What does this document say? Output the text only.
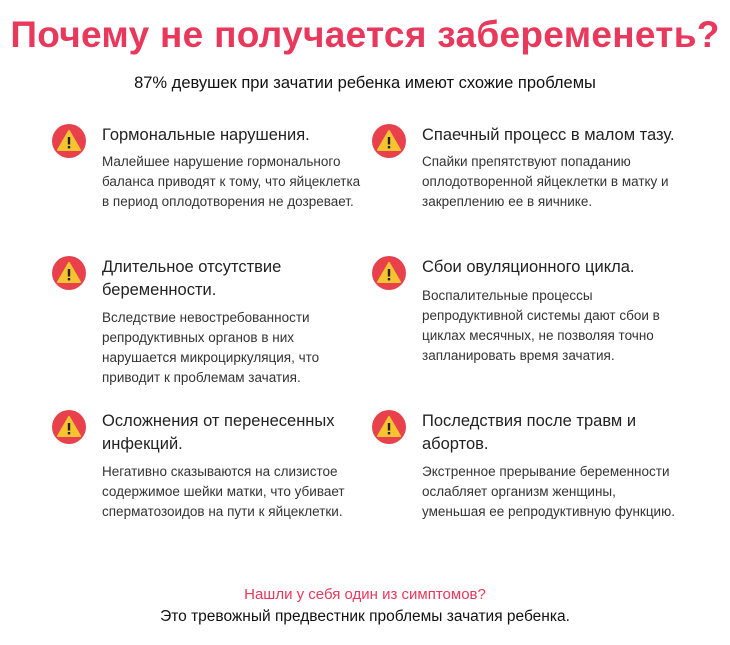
Почему не получается забеременеть?
87% девушек при зачатии ребенка имеют схожие проблемы
Гормональные нарушения.
Малейшее нарушение гормонального баланса приводят к тому, что яйцеклетка в период оплодотворения не дозревает.
Спаечный процесс в малом тазу.
Спайки препятствуют попаданию оплодотворенной яйцеклетки в матку и закреплению ее в яичнике.
Длительное отсутствие беременности.
Вследствие невостребованности репродуктивных органов в них нарушается микроциркуляция, что приводит к проблемам зачатия.
Сбои овуляционного цикла.
Воспалительные процессы репродуктивной системы дают сбои в циклах месячных, не позволяя точно запланировать время зачатия.
Осложнения от перенесенных инфекций.
Негативно сказываются на слизистое содержимое шейки матки, что убивает сперматозоидов на пути к яйцеклетки.
Последствия после травм и абортов.
Экстренное прерывание беременности ослабляет организм женщины, уменьшая ее репродуктивную функцию.
Нашли у себя один из симптомов?
Это тревожный предвестник проблемы зачатия ребенка.
